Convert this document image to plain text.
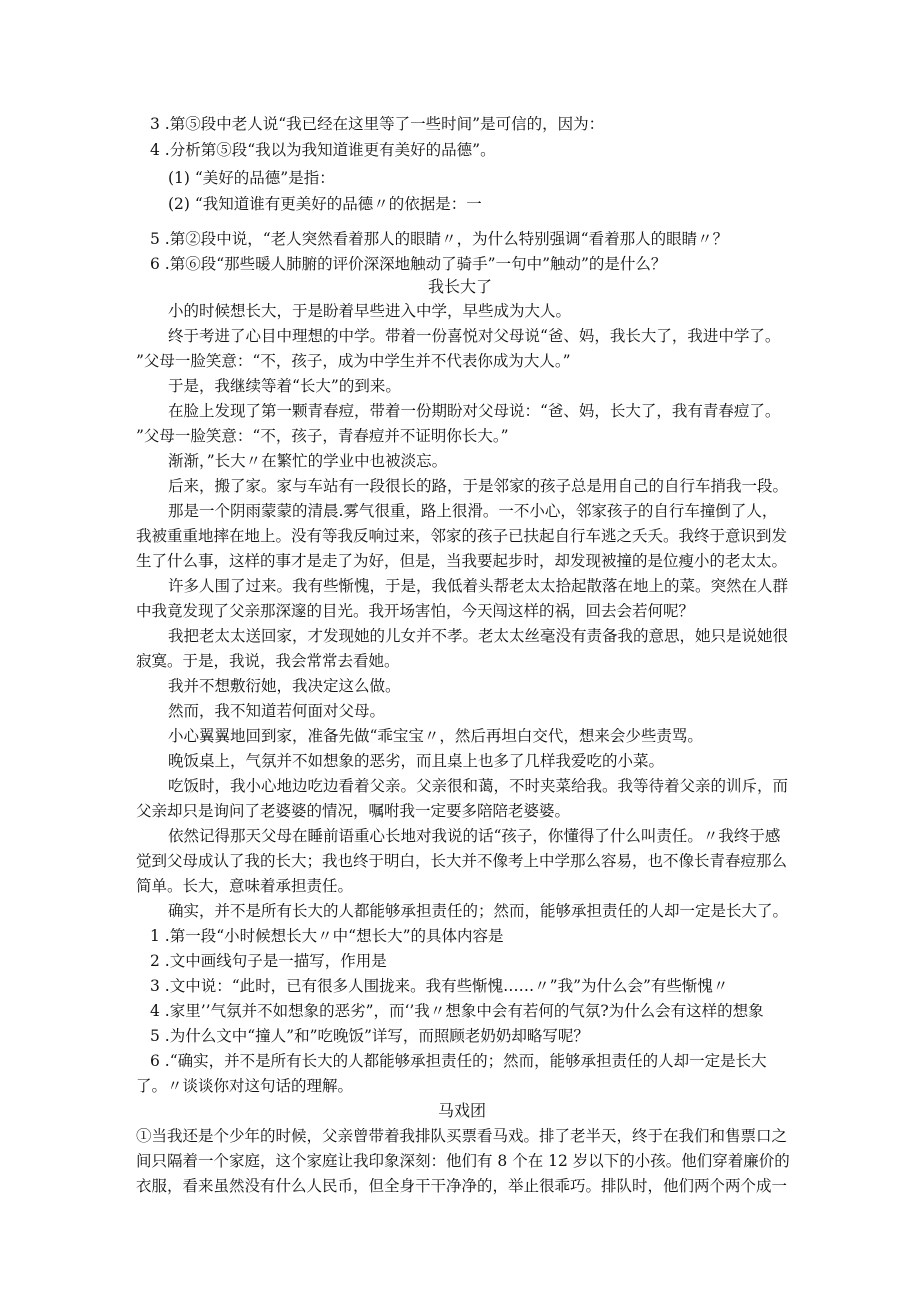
3 .第⑤段中老人说“我已经在这里等了一些时间”是可信的，因为：
4 .分析第⑤段“我以为我知道谁更有美好的品德”。
(1) “美好的品德”是指：
(2) “我知道谁有更美好的品德〃的依据是：一
5 .第②段中说，“老人突然看着那人的眼睛〃，为什么特别强调“看着那人的眼睛〃？
6 .第⑥段“那些暖人肺腑的评价深深地触动了骑手”一句中”触动”的是什么？
我长大了
小的时候想长大，于是盼着早些进入中学，早些成为大人。
终于考进了心目中理想的中学。带着一份喜悦对父母说“爸、妈，我长大了，我进中学了。
”父母一脸笑意：“不，孩子，成为中学生并不代表你成为大人。”
于是，我继续等着“长大”的到来。
在脸上发现了第一颗青春痘，带着一份期盼对父母说：“爸、妈，长大了，我有青春痘了。
”父母一脸笑意：“不，孩子，青春痘并不证明你长大。”
渐渐，”长大〃在繁忙的学业中也被淡忘。
后来，搬了家。家与车站有一段很长的路，于是邻家的孩子总是用自己的自行车捎我一段。
那是一个阴雨蒙蒙的清晨.雾气很重，路上很滑。一不小心，邻家孩子的自行车撞倒了人，
我被重重地摔在地上。没有等我反响过来，邻家的孩子已扶起自行车逃之夭夭。我终于意识到发
生了什么事，这样的事才是走了为好，但是，当我要起步时，却发现被撞的是位瘦小的老太太。
许多人围了过来。我有些惭愧，于是，我低着头帮老太太拾起散落在地上的菜。突然在人群
中我竟发现了父亲那深邃的目光。我开场害怕，今天闯这样的祸，回去会若何呢？
我把老太太送回家，才发现她的儿女并不孝。老太太丝毫没有责备我的意思，她只是说她很
寂寞。于是，我说，我会常常去看她。
我并不想敷衍她，我决定这么做。
然而，我不知道若何面对父母。
小心翼翼地回到家，准备先做“乖宝宝〃，然后再坦白交代，想来会少些责骂。
晚饭桌上，气氛并不如想象的恶劣，而且桌上也多了几样我爱吃的小菜。
吃饭时，我小心地边吃边看着父亲。父亲很和蔼，不时夹菜给我。我等待着父亲的训斥，而
父亲却只是询问了老婆婆的情况，嘱咐我一定要多陪陪老婆婆。
依然记得那天父母在睡前语重心长地对我说的话“孩子，你懂得了什么叫责任。〃我终于感
觉到父母成认了我的长大；我也终于明白，长大并不像考上中学那么容易，也不像长青春痘那么
简单。长大，意味着承担责任。
确实，并不是所有长大的人都能够承担责任的；然而，能够承担责任的人却一定是长大了。
1 .第一段“小时候想长大〃中“想长大”的具体内容是
2 .文中画线句子是一描写，作用是
3 .文中说：“此时，已有很多人围拢来。我有些惭愧……〃”我”为什么会”有些惭愧〃
4 .家里’’气氛并不如想象的恶劣”，而‘’我〃想象中会有若何的气氛?为什么会有这样的想象
5 .为什么文中“撞人”和”吃晚饭”详写，而照顾老奶奶却略写呢？
6 .“确实，并不是所有长大的人都能够承担责任的；然而，能够承担责任的人却一定是长大
了。〃谈谈你对这句话的理解。
马戏团
①当我还是个少年的时候，父亲曾带着我排队买票看马戏。排了老半天，终于在我们和售票口之
间只隔着一个家庭，这个家庭让我印象深刻：他们有 8 个在 12 岁以下的小孩。他们穿着廉价的
衣服，看来虽然没有什么人民币，但全身干干净净的，举止很乖巧。排队时，他们两个两个成一
